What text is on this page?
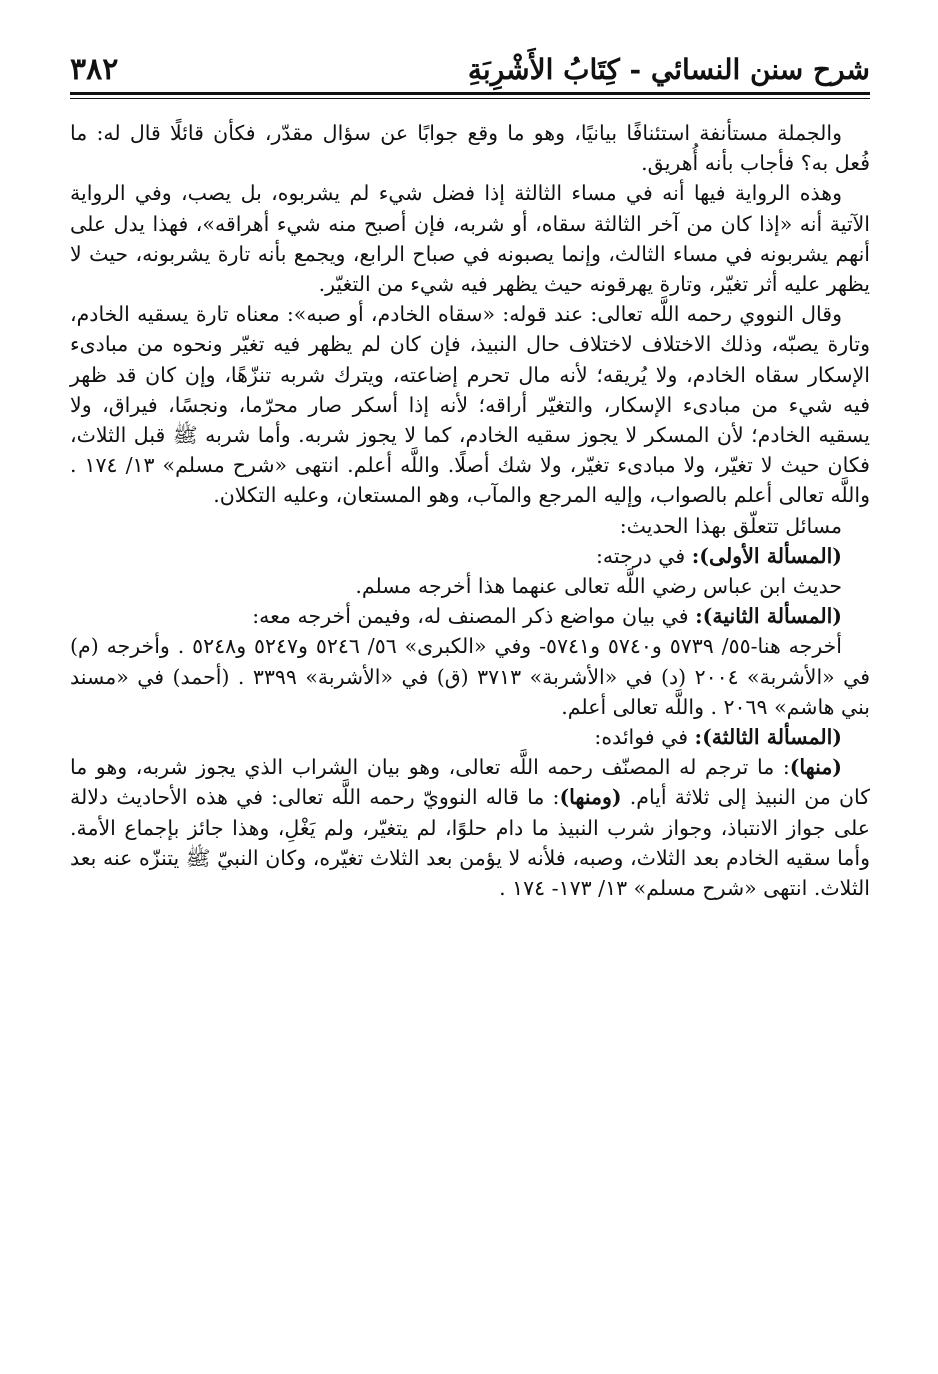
٣٨٢	شرح سنن النسائي - كِتَابُ الأَشْرِبَةِ

والجملة مستأنفة استئنافًا بيانيًا، وهو ما وقع جوابًا عن سؤال مقدّر، فكأن قائلًا قال له: ما فُعل به؟ فأجاب بأنه أُهريق.

وهذه الرواية فيها أنه في مساء الثالثة إذا فضل شيء لم يشربوه، بل يصب، وفي الرواية الآتية أنه «إذا كان من آخر الثالثة سقاه، أو شربه، فإن أصبح منه شيء أهراقه»، فهذا يدل على أنهم يشربونه في مساء الثالث، وإنما يصبونه في صباح الرابع، ويجمع بأنه تارة يشربونه، حيث لا يظهر عليه أثر تغيّر، وتارة يهرقونه حيث يظهر فيه شيء من التغيّر.

وقال النووي رحمه اللَّه تعالى: عند قوله: «سقاه الخادم، أو صبه»: معناه تارة يسقيه الخادم، وتارة يصبّه، وذلك الاختلاف لاختلاف حال النبيذ، فإن كان لم يظهر فيه تغيّر ونحوه من مبادىء الإسكار سقاه الخادم، ولا يُريقه؛ لأنه مال تحرم إضاعته، ويترك شربه تنزّهًا، وإن كان قد ظهر فيه شيء من مبادىء الإسكار، والتغيّر أراقه؛ لأنه إذا أسكر صار محرّما، ونجسًا، فيراق، ولا يسقيه الخادم؛ لأن المسكر لا يجوز سقيه الخادم، كما لا يجوز شربه. وأما شربه ﷺ قبل الثلاث، فكان حيث لا تغيّر، ولا مبادىء تغيّر، ولا شك أصلًا. واللَّه أعلم. انتهى «شرح مسلم» ١٣/ ١٧٤ . واللَّه تعالى أعلم بالصواب، وإليه المرجع والمآب، وهو المستعان، وعليه التكلان.

مسائل تتعلّق بهذا الحديث:

(المسألة الأولى): في درجته:

حديث ابن عباس رضي اللَّه تعالى عنهما هذا أخرجه مسلم.

(المسألة الثانية): في بيان مواضع ذكر المصنف له، وفيمن أخرجه معه:

أخرجه هنا-٥٥/ ٥٧٣٩ و٥٧٤٠ و٥٧٤١- وفي «الكبرى» ٥٦/ ٥٢٤٦ و٥٢٤٧ و٥٢٤٨ . وأخرجه (م) في «الأشربة» ٢٠٠٤ (د) في «الأشربة» ٣٧١٣ (ق) في «الأشربة» ٣٣٩٩ . (أحمد) في «مسند بني هاشم» ٢٠٦٩ . واللَّه تعالى أعلم.

(المسألة الثالثة): في فوائده:

(منها): ما ترجم له المصنّف رحمه اللَّه تعالى، وهو بيان الشراب الذي يجوز شربه، وهو ما كان من النبيذ إلى ثلاثة أيام. (ومنها): ما قاله النوويّ رحمه اللَّه تعالى: في هذه الأحاديث دلالة على جواز الانتباذ، وجواز شرب النبيذ ما دام حلوًا، لم يتغيّر، ولم يَغْلِ، وهذا جائز بإجماع الأمة. وأما سقيه الخادم بعد الثلاث، وصبه، فلأنه لا يؤمن بعد الثلاث تغيّره، وكان النبيّ ﷺ يتنزّه عنه بعد الثلاث. انتهى «شرح مسلم» ١٣/ ١٧٣- ١٧٤ .
